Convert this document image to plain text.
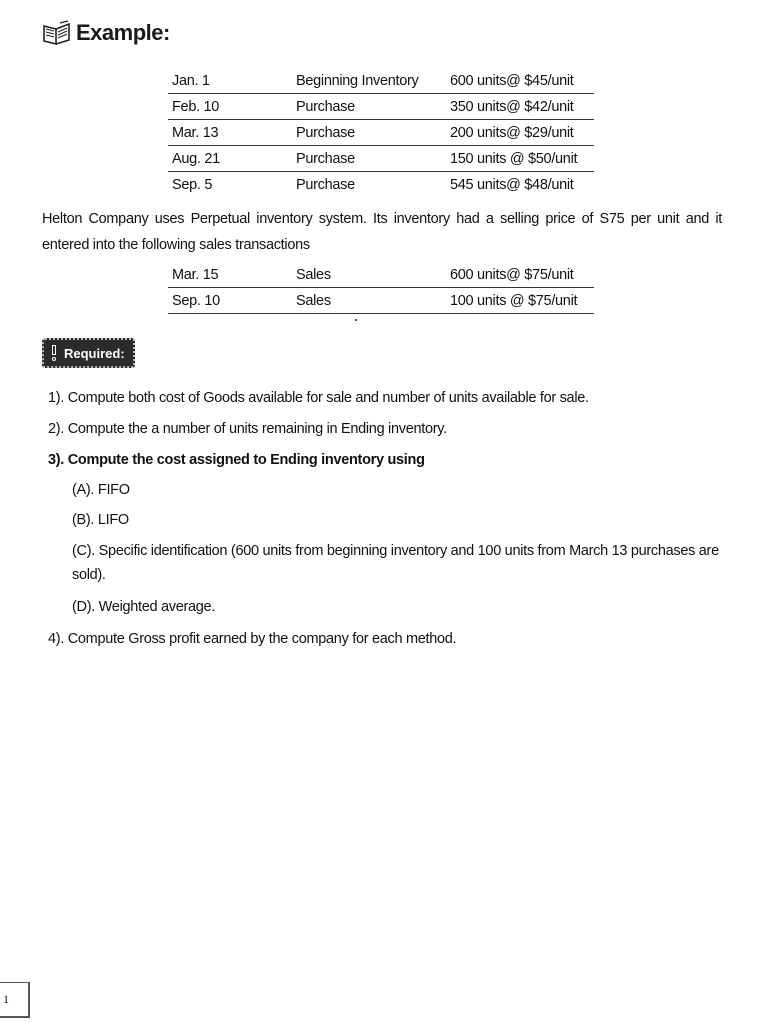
Example:
Jan. 1	Beginning Inventory	600 units@ $45/unit
Feb. 10	Purchase	350 units@ $42/unit
Mar. 13	Purchase	200 units@ $29/unit
Aug. 21	Purchase	150 units @ $50/unit
Sep. 5	Purchase	545 units@ $48/unit
Helton Company uses Perpetual inventory system. Its inventory had a selling price of S75 per unit and it entered into the following sales transactions
Mar. 15	Sales	600 units@ $75/unit
Sep. 10	Sales	100 units @ $75/unit
Required:
1). Compute both cost of Goods available for sale and number of units available for sale.
2). Compute the a number of units remaining in Ending inventory.
3). Compute the cost assigned to Ending inventory using
(A). FIFO
(B). LIFO
(C). Specific identification (600 units from beginning inventory and 100 units from March 13 purchases are sold).
(D). Weighted average.
4). Compute Gross profit earned by the company for each method.
1
